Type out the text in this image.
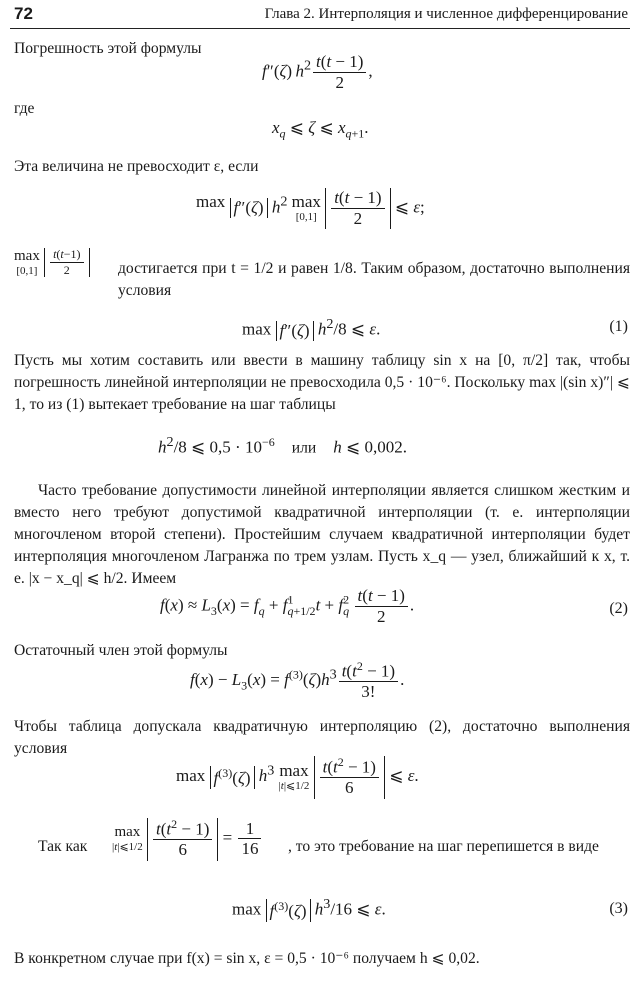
72	Глава 2. Интерполяция и численное дифференцирование
Погрешность этой формулы
f″(ζ) $h^2 \frac{t(t - 1)}{2}$ ,
где
$x_q$ ⩽ ζ ⩽ $x_{q+1}$.
Эта величина не превосходит ε, если
max
f″(ζ) $h^2$ max
[0,1]
$\frac{t(t - 1)}{2}$ ⩽ ε;
max
[0,1]
$\frac{t(t-1)}{2}$ достигается при t = 1/2 и равен 1/8. Таким образом, достаточно выполнения условия
max f″(ζ) $h^2/8$ ⩽ ε.	(1)
Пусть мы хотим составить или ввести в машину таблицу sin x на [0, π/2] так, чтобы погрешность линейной интерполяции не превосходила 0,5 · 10⁻⁶. Поскольку max |(sin x)″| ⩽ 1, то из (1) вытекает требование на шаг таблицы
$h^2/8$ ⩽ $0,5 \cdot 10^{-6}$ или h ⩽ 0,002.
Часто требование допустимости линейной интерполяции является слишком жестким и вместо него требуют допустимой квадратичной интерполяции (т. е. интерполяции многочленом второй степени). Простейшим случаем квадратичной интерполяции будет интерполяция многочленом Лагранжа по трем узлам. Пусть x_q — узел, ближайший к x, т. е. |x − x_q| ⩽ h/2. Имеем
$f(x) \approx L_3(x) = f_q + f^1_{q+1/2}t + f^2_q \frac{t(t - 1)}{2}$ .	(2)
Остаточный член этой формулы
$f(x) - L_3(x) = f^{(3)}(\zeta)h^3 \frac{t(t^2 - 1)}{3!}$ .
Чтобы таблица допускала квадратичную интерполяцию (2), достаточно выполнения условия
$\max f^{(3)}(\zeta)$ $h^3$ max
|t|⩽1/2
$\frac{t(t^2 - 1)}{6}$ ⩽ ε.
Так как
max
|t|⩽1/2
$\frac{t(t^2 - 1)}{6} = \frac{1}{16}$ , то это требование на шаг перепишется в виде
$\max f^{(3)}(\zeta)$ $h^3/16$ ⩽ ε.	(3)
В конкретном случае при f(x) = sin x, ε = 0,5 · 10⁻⁶ получаем h ⩽ 0,02.
